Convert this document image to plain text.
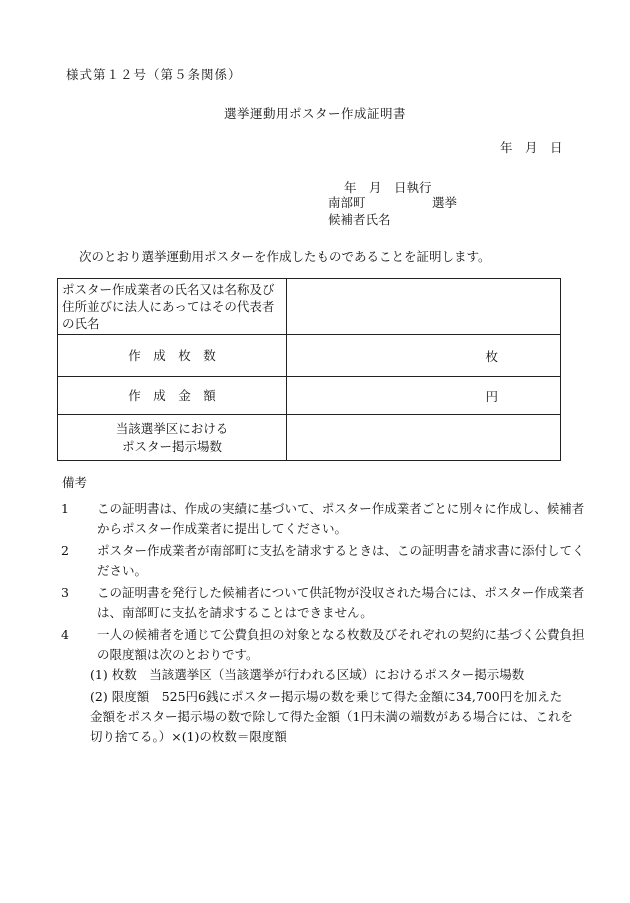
様式第１２号（第５条関係）
選挙運動用ポスター作成証明書
年　月　日
年　月　日執行
南部町	選挙
候補者氏名
次のとおり選挙運動用ポスターを作成したものであることを証明します。
ポスター作成業者の氏名又は名称及び住所並びに法人にあってはその代表者の氏名	
作　成　枚　数	枚
作　成　金　額	円
当該選挙区における
ポスター掲示場数	
備考
1 この証明書は、作成の実績に基づいて、ポスター作成業者ごとに別々に作成し、候補者からポスター作成業者に提出してください。
2 ポスター作成業者が南部町に支払を請求するときは、この証明書を請求書に添付してください。
3 この証明書を発行した候補者について供託物が没収された場合には、ポスター作成業者は、南部町に支払を請求することはできません。
4 一人の候補者を通じて公費負担の対象となる枚数及びそれぞれの契約に基づく公費負担の限度額は次のとおりです。
(1) 枚数　当該選挙区（当該選挙が行われる区域）におけるポスター掲示場数
(2) 限度額　525円6銭にポスター掲示場の数を乗じて得た金額に34,700円を加えた金額をポスター掲示場の数で除して得た金額（1円未満の端数がある場合には、これを切り捨てる。）×(1)の枚数＝限度額
